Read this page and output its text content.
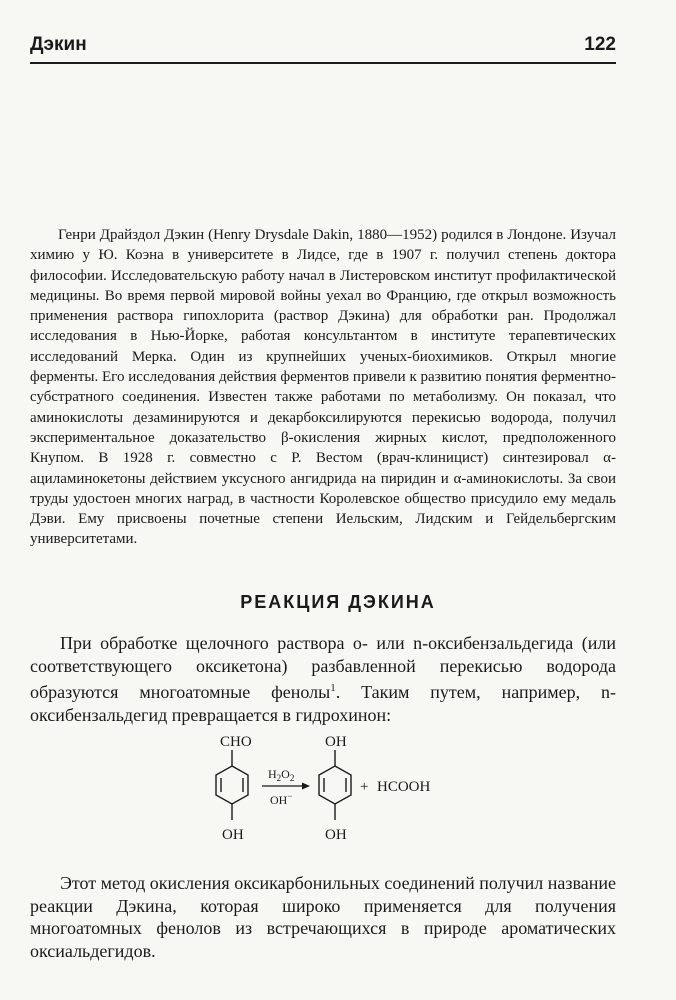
Дэкин	122

Генри Драйздол Дэкин (Henry Drysdale Dakin, 1880—1952) родился в Лондоне. Изучал химию у Ю. Коэна в университете в Лидсе, где в 1907 г. получил степень доктора философии. Исследовательскую работу начал в Листеровском институт профилактической медицины. Во время первой мировой войны уехал во Францию, где открыл возможность применения раствора гипохлорита (раствор Дэкина) для обработки ран. Продолжал исследования в Нью-Йорке, работая консультантом в институте терапевтических исследований Мерка. Один из крупнейших ученых-биохимиков. Открыл многие ферменты. Его исследования действия ферментов привели к развитию понятия ферментно-субстратного соединения. Известен также работами по метаболизму. Он показал, что аминокислоты дезаминируются и декарбоксилируются перекисью водорода, получил экспериментальное доказательство β-окисления жирных кислот, предположенного Кнупом. В 1928 г. совместно с Р. Вестом (врач-клиницист) синтезировал α-ациламинокетоны действием уксусного ангидрида на пиридин и α-аминокислоты. За свои труды удостоен многих наград, в частности Королевское общество присудило ему медаль Дэви. Ему присвоены почетные степени Иельским, Лидским и Гейдельбергским университетами.

РЕАКЦИЯ ДЭКИНА

При обработке щелочного раствора о- или n-оксибензальдегида (или соответствующего оксикетона) разбавленной перекисью водорода образуются многоатомные фенолы$^1$. Таким путем, например, n-оксибензальдегид превращается в гидрохинон:

CHO
OH
$H_2O_2$
OH−
OH
OH
+ HCOOH

Этот метод окисления оксикарбонильных соединений получил название реакции Дэкина, которая широко применяется для получения многоатомных фенолов из встречающихся в природе ароматических оксиальдегидов.
